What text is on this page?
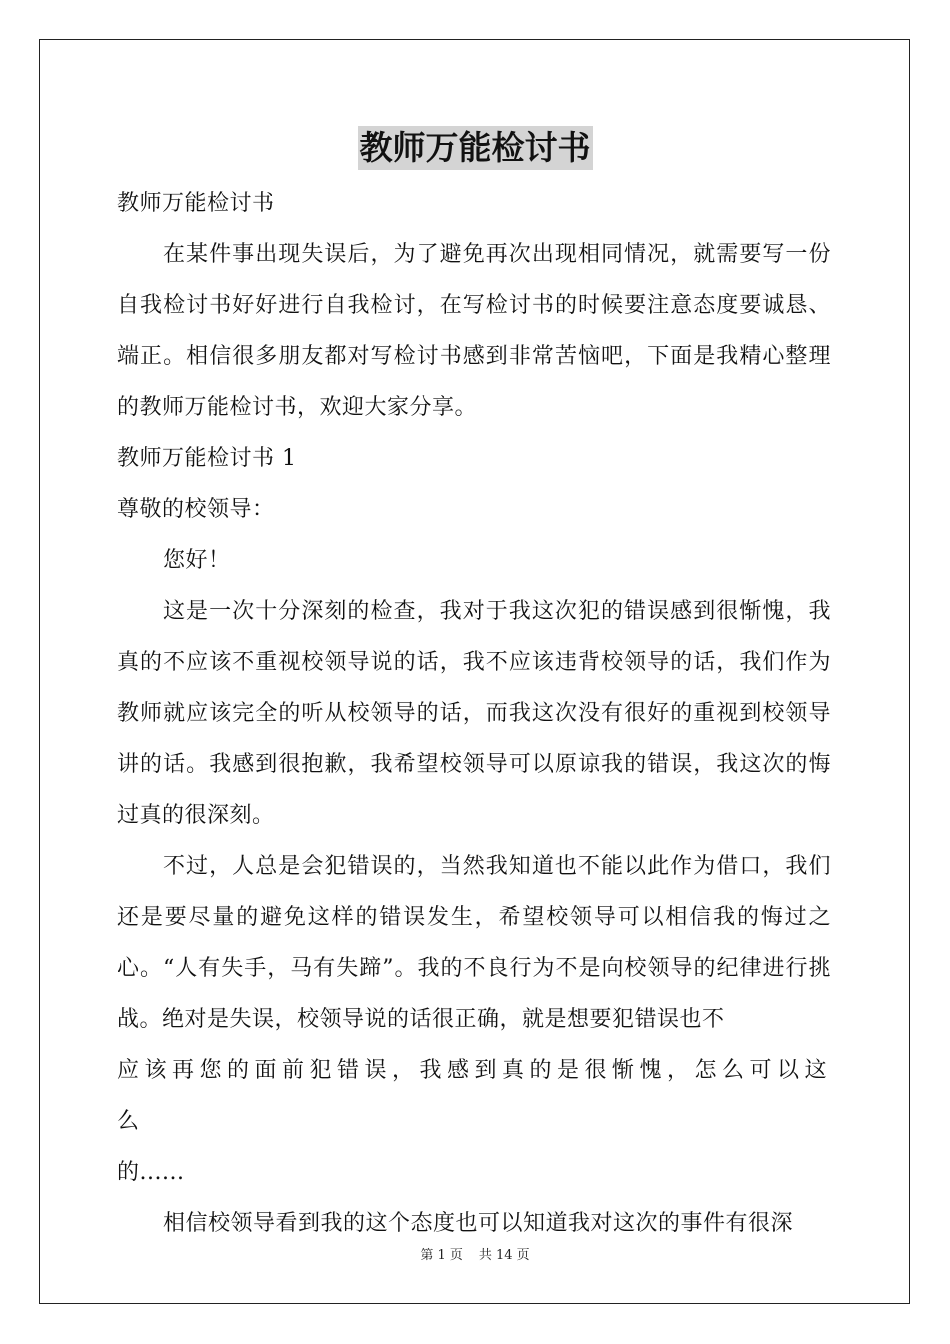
教师万能检讨书

教师万能检讨书

在某件事出现失误后，为了避免再次出现相同情况，就需要写一份自我检讨书好好进行自我检讨，在写检讨书的时候要注意态度要诚恳、端正。相信很多朋友都对写检讨书感到非常苦恼吧，下面是我精心整理的教师万能检讨书，欢迎大家分享。

教师万能检讨书 1

尊敬的校领导：

您好！

这是一次十分深刻的检查，我对于我这次犯的错误感到很惭愧，我真的不应该不重视校领导说的话，我不应该违背校领导的话，我们作为教师就应该完全的听从校领导的话，而我这次没有很好的重视到校领导讲的话。我感到很抱歉，我希望校领导可以原谅我的错误，我这次的悔过真的很深刻。

不过，人总是会犯错误的，当然我知道也不能以此作为借口，我们还是要尽量的避免这样的错误发生，希望校领导可以相信我的悔过之心。“人有失手，马有失蹄”。我的不良行为不是向校领导的纪律进行挑战。绝对是失误，校领导说的话很正确，就是想要犯错误也不

应该再您的面前犯错误，我感到真的是很惭愧，怎么可以这么

的......

相信校领导看到我的这个态度也可以知道我对这次的事件有很深

第 1 页 共 14 页
